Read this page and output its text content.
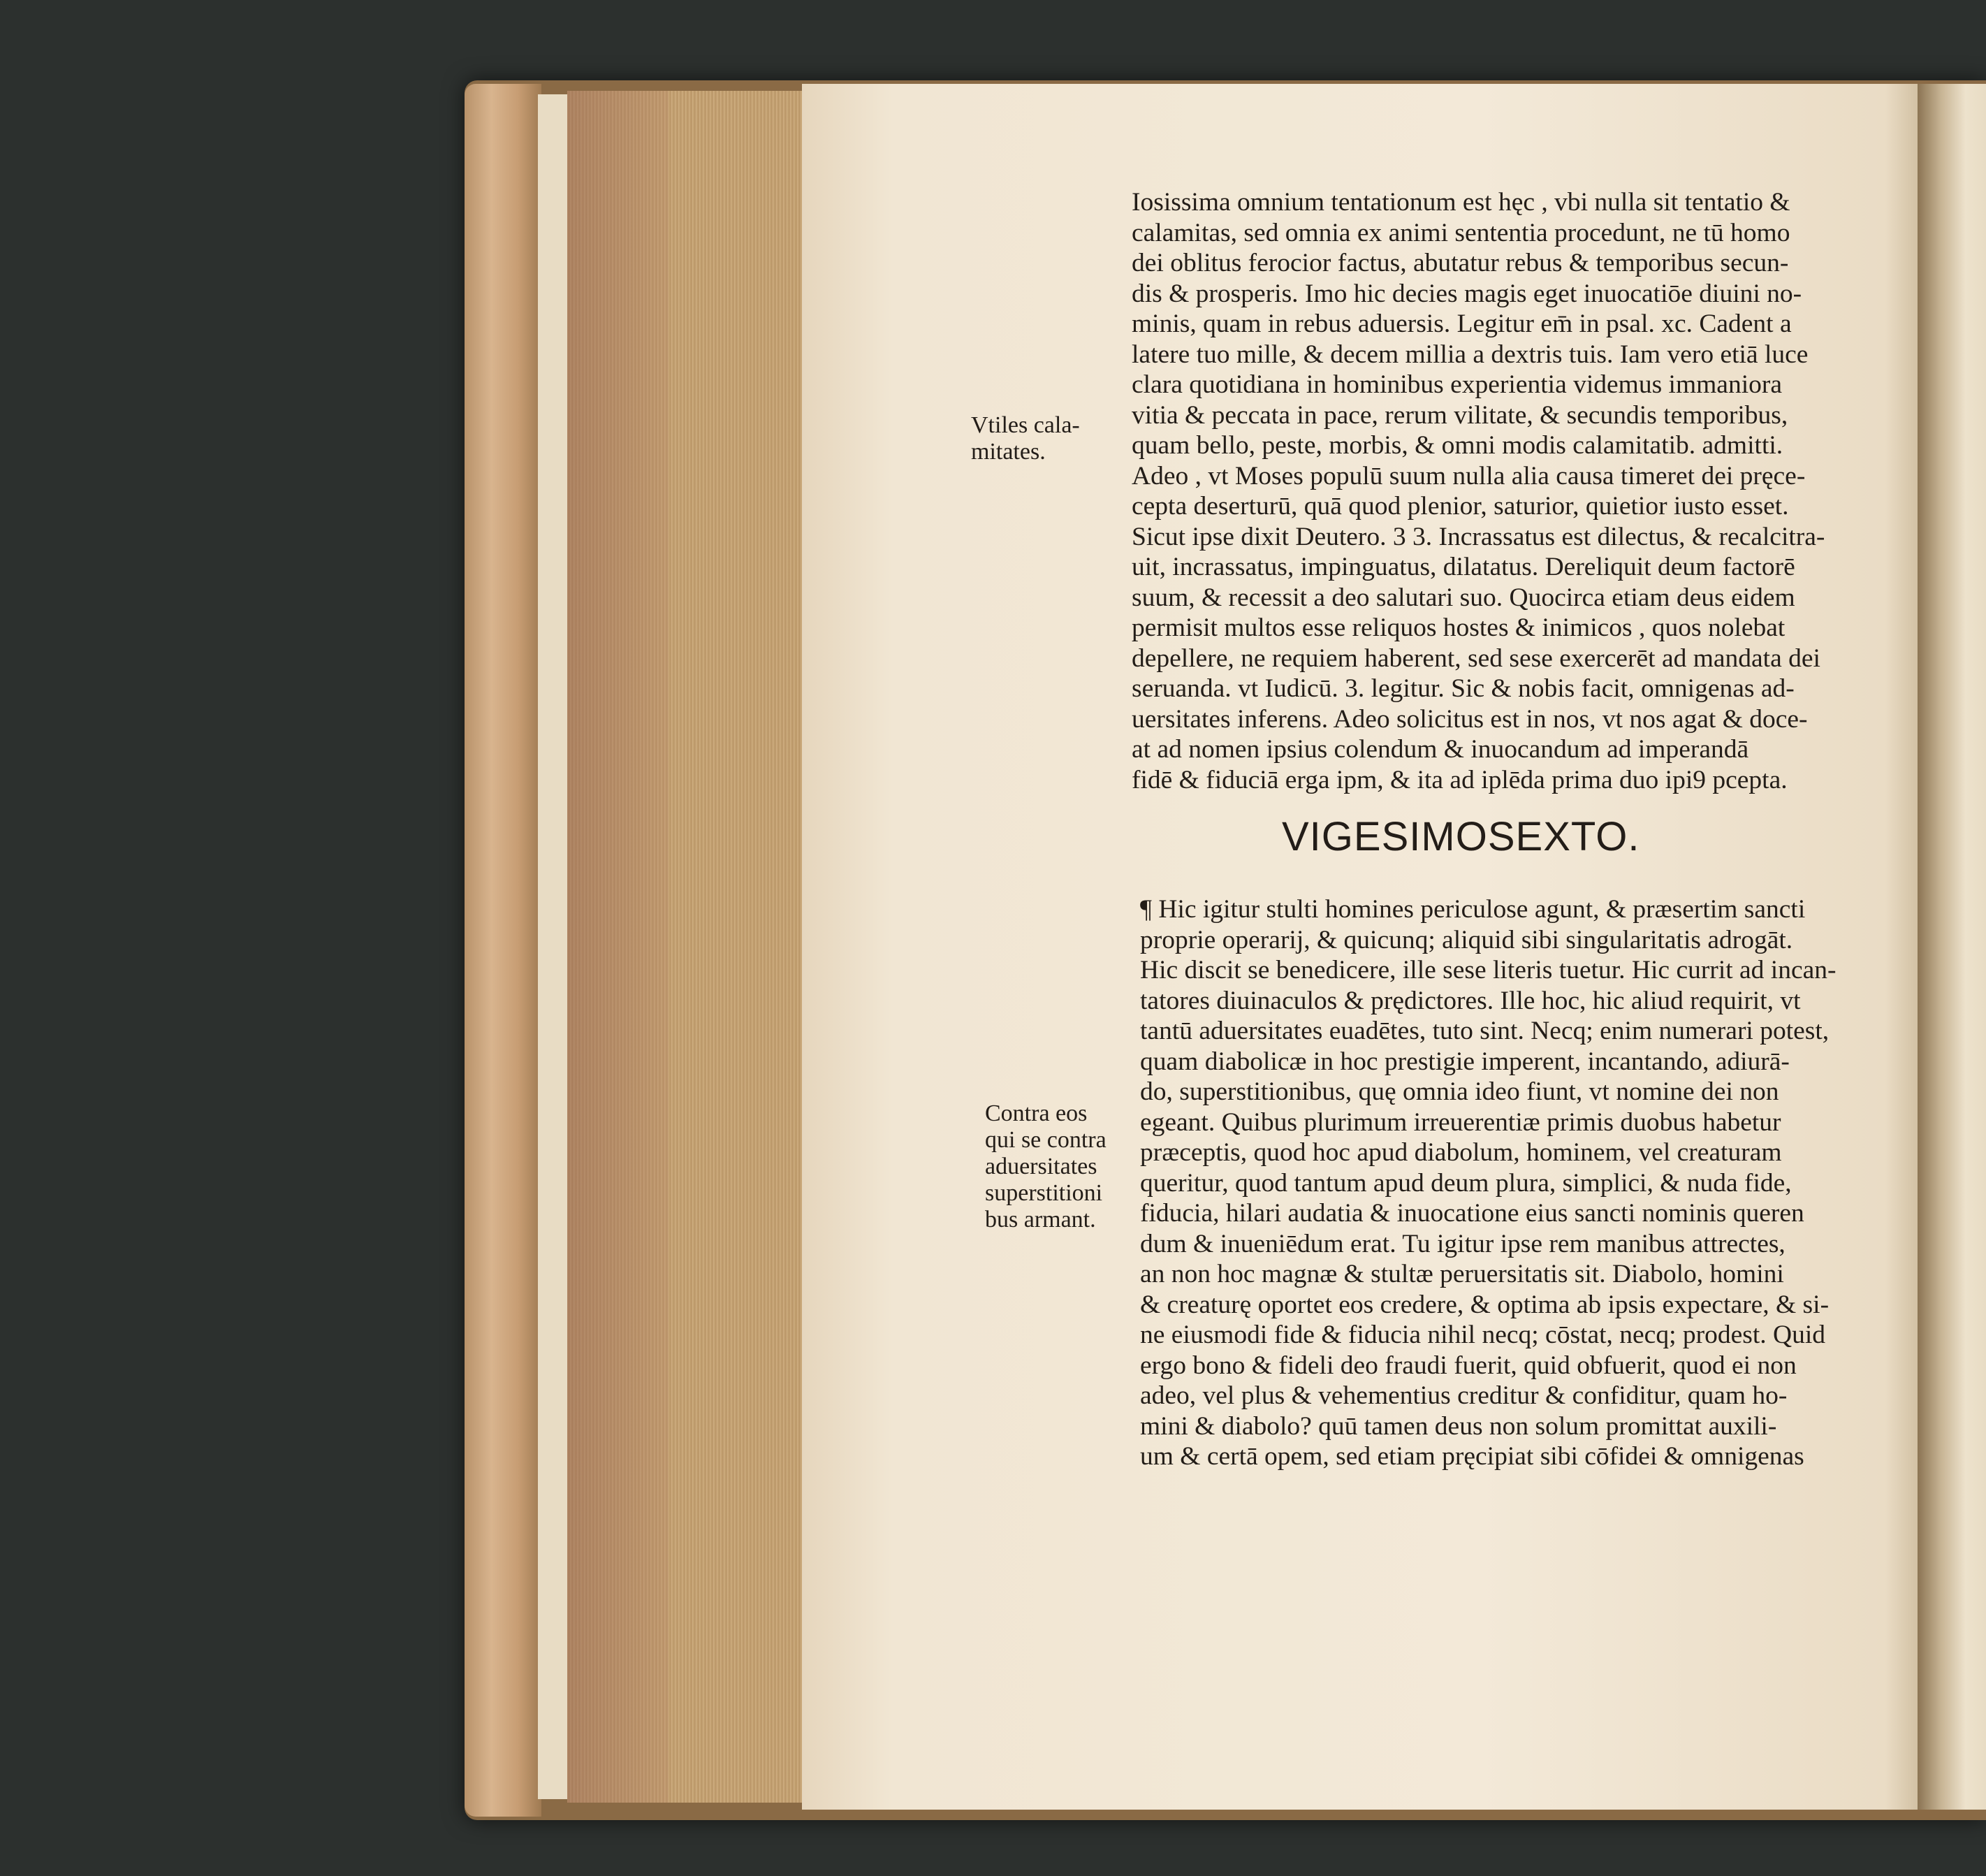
Iosissima omnium tentationum est hęc , vbi nulla sit tentatio &
calamitas, sed omnia ex animi sententia procedunt, ne tū homo
dei oblitus ferocior factus, abutatur rebus & temporibus secun-
dis & prosperis. Imo hic decies magis eget inuocatiōe diuini no-
minis, quam in rebus aduersis. Legitur em̄ in psal. xc. Cadent a
latere tuo mille, & decem millia a dextris tuis. Iam vero etiā luce
clara quotidiana in hominibus experientia videmus immaniora
vitia & peccata in pace, rerum vilitate, & secundis temporibus,
quam bello, peste, morbis, & omni modis calamitatib. admitti.
Adeo , vt Moses populū suum nulla alia causa timeret dei pręce-
cepta deserturū, quā quod plenior, saturior, quietior iusto esset.
Sicut ipse dixit Deutero. 3 3. Incrassatus est dilectus, & recalcitra-
uit, incrassatus, impinguatus, dilatatus. Dereliquit deum factorē
suum, & recessit a deo salutari suo. Quocirca etiam deus eidem
permisit multos esse reliquos hostes & inimicos , quos nolebat
depellere, ne requiem haberent, sed sese exercerēt ad mandata dei
seruanda. vt Iudicū. 3. legitur. Sic & nobis facit, omnigenas ad-
uersitates inferens. Adeo solicitus est in nos, vt nos agat & doce-
at ad nomen ipsius colendum & inuocandum ad imperandā
fidē & fiduciā erga ipm, & ita ad iplēda prima duo ipi9 pcepta.
VIGESIMOSEXTO.
¶ Hic igitur stulti homines periculose agunt, & præsertim sancti
proprie operarij, & quicunq; aliquid sibi singularitatis adrogāt.
Hic discit se benedicere, ille sese literis tuetur. Hic currit ad incan-
tatores diuinaculos & prędictores. Ille hoc, hic aliud requirit, vt
tantū aduersitates euadētes, tuto sint. Necq; enim numerari potest,
quam diabolicæ in hoc prestigie imperent, incantando, adiurā-
do, superstitionibus, quę omnia ideo fiunt, vt nomine dei non
egeant. Quibus plurimum irreuerentiæ primis duobus habetur
præceptis, quod hoc apud diabolum, hominem, vel creaturam
queritur, quod tantum apud deum plura, simplici, & nuda fide,
fiducia, hilari audatia & inuocatione eius sancti nominis queren
dum & inueniēdum erat. Tu igitur ipse rem manibus attrectes,
an non hoc magnæ & stultæ peruersitatis sit. Diabolo, homini
& creaturę oportet eos credere, & optima ab ipsis expectare, & si-
ne eiusmodi fide & fiducia nihil necq; cōstat, necq; prodest. Quid
ergo bono & fideli deo fraudi fuerit, quid obfuerit, quod ei non
adeo, vel plus & vehementius creditur & confiditur, quam ho-
mini & diabolo? quū tamen deus non solum promittat auxili-
um & certā opem, sed etiam pręcipiat sibi cōfidei & omnigenas
Vtiles cala-
mitates.
Contra eos
qui se contra
aduersitates
superstitioni
bus armant.
